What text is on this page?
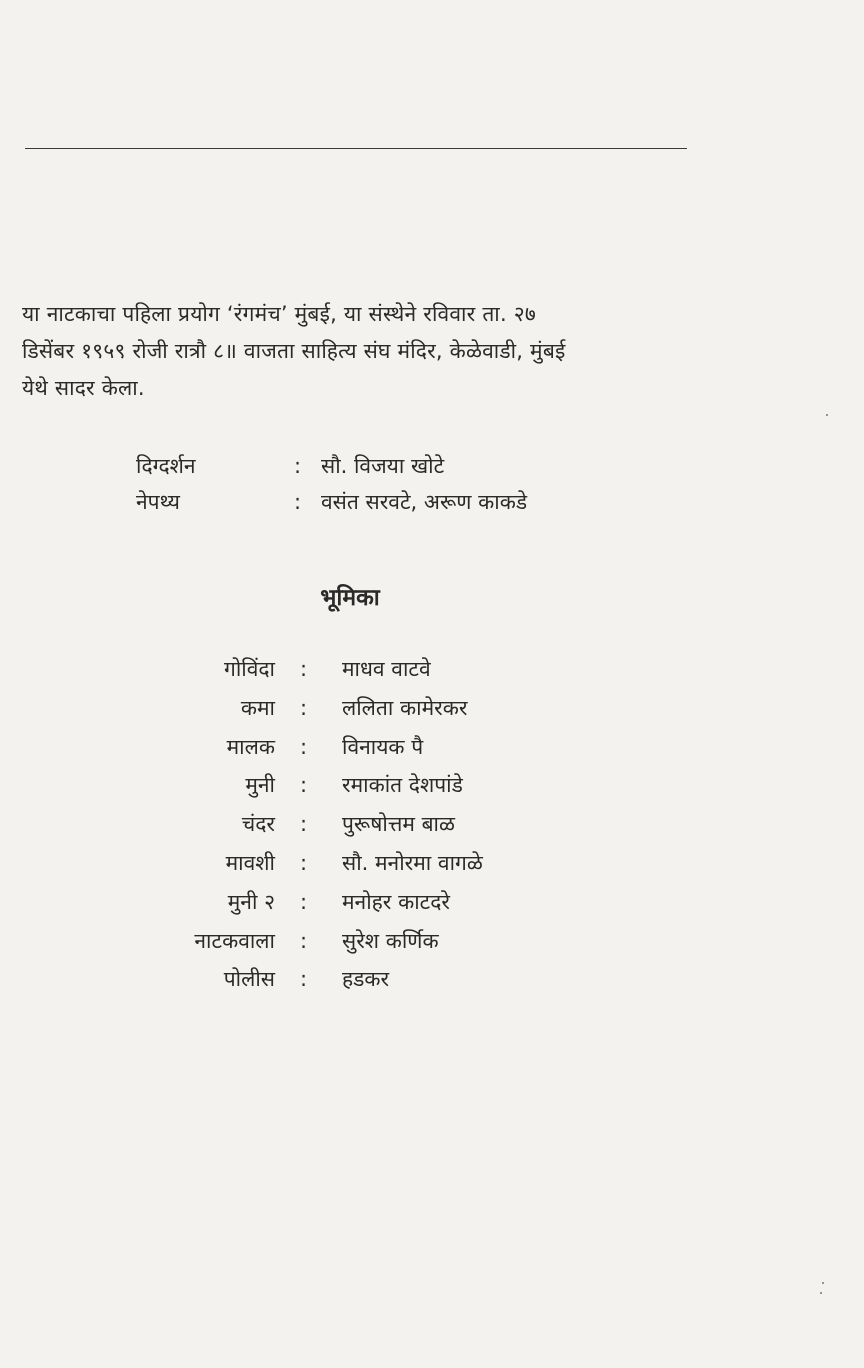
या नाटकाचा पहिला प्रयोग ‘रंगमंच’ मुंबई, या संस्थेने रविवार ता. २७
डिसेंबर १९५९ रोजी रात्रौ ८॥ वाजता साहित्य संघ मंदिर, केळेवाडी, मुंबई
येथे सादर केला.
दिग्दर्शन	: सौ. विजया खोटे
नेपथ्य	: वसंत सरवटे, अरूण काकडे
भूमिका
गोविंदा : माधव वाटवे
कमा : ललिता कामेरकर
मालक : विनायक पै
मुनी : रमाकांत देशपांडे
चंदर : पुरूषोत्तम बाळ
मावशी : सौ. मनोरमा वागळे
मुनी २ : मनोहर काटदरे
नाटकवाला : सुरेश कर्णिक
पोलीस : हडकर
